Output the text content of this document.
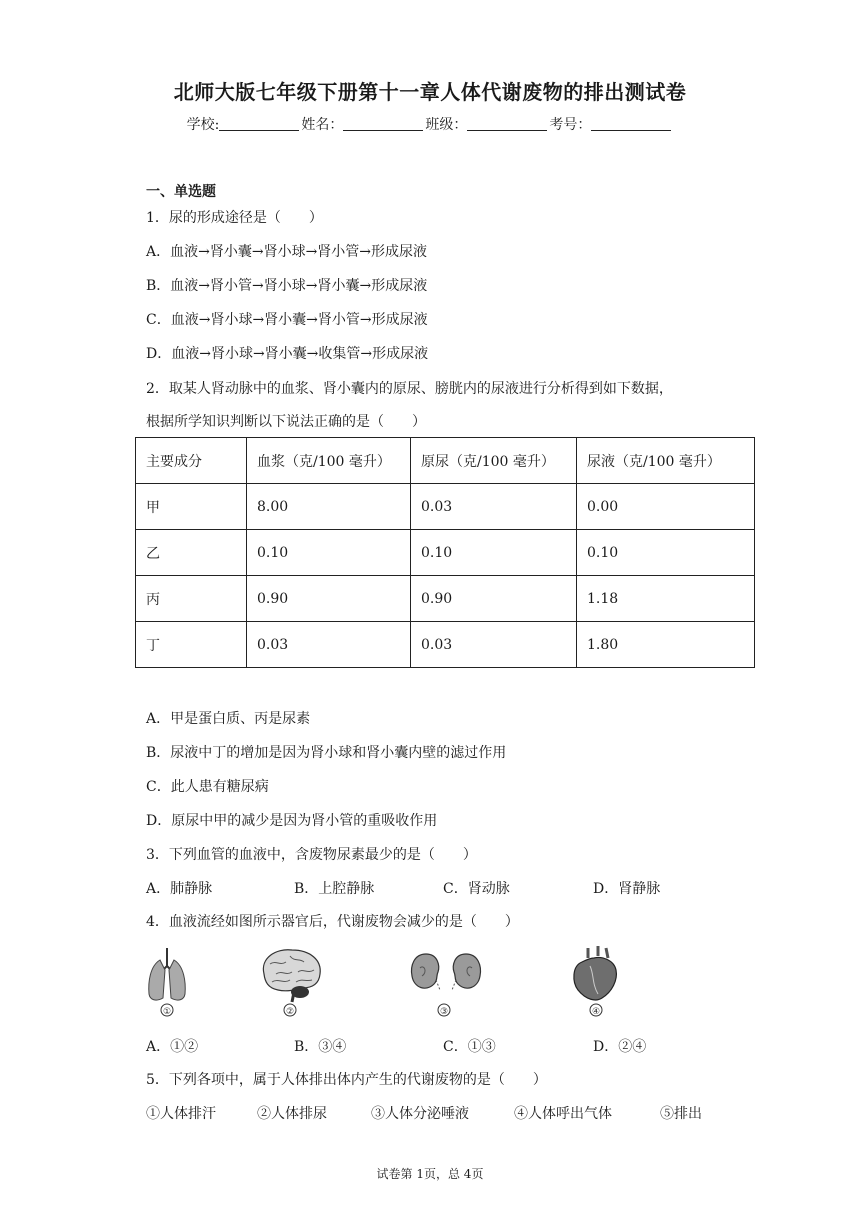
北师大版七年级下册第十一章人体代谢废物的排出测试卷
学校:	姓名：	班级：	考号：
一、单选题
1．尿的形成途径是（　　）
A．血液→肾小囊→肾小球→肾小管→形成尿液
B．血液→肾小管→肾小球→肾小囊→形成尿液
C．血液→肾小球→肾小囊→肾小管→形成尿液
D．血液→肾小球→肾小囊→收集管→形成尿液
2．取某人肾动脉中的血浆、肾小囊内的原尿、膀胱内的尿液进行分析得到如下数据，
根据所学知识判断以下说法正确的是（　　）
主要成分	血浆（克/100 毫升）	原尿（克/100 毫升）	尿液（克/100 毫升）
甲	8.00	0.03	0.00
乙	0.10	0.10	0.10
丙	0.90	0.90	1.18
丁	0.03	0.03	1.80
A．甲是蛋白质、丙是尿素
B．尿液中丁的增加是因为肾小球和肾小囊内壁的滤过作用
C．此人患有糖尿病
D．原尿中甲的减少是因为肾小管的重吸收作用
3．下列血管的血液中，含废物尿素最少的是（　　）
A．肺静脉	B．上腔静脉	C．肾动脉	D．肾静脉
4．血液流经如图所示器官后，代谢废物会减少的是（　　）
①	②	③	④
A．①②	B．③④	C．①③	D．②④
5．下列各项中，属于人体排出体内产生的代谢废物的是（　　）
①人体排汗	②人体排尿	③人体分泌唾液	④人体呼出气体	⑤排出
试卷第 1页，总 4页
